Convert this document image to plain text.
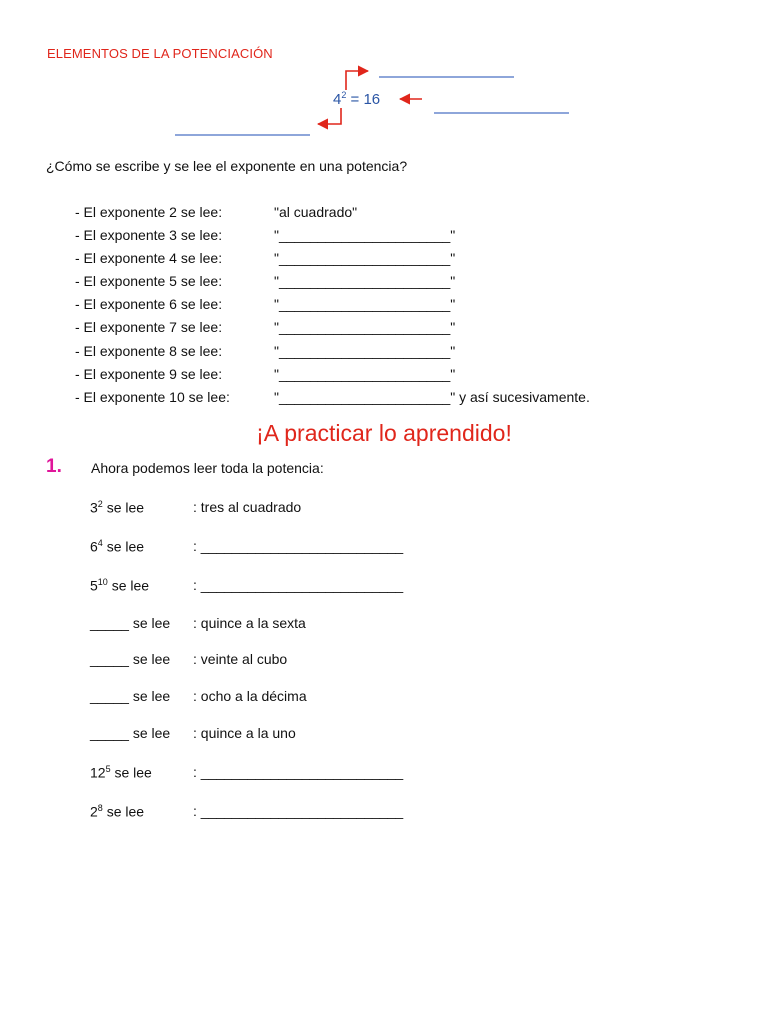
ELEMENTOS DE LA POTENCIACIÓN
$4^2 = 16$
¿Cómo se escribe y se lee el exponente en una potencia?
- El exponente 2 se lee:	"al cuadrado"
- El exponente 3 se lee:	"______________________"
- El exponente 4 se lee:	"______________________"
- El exponente 5 se lee:	"______________________"
- El exponente 6 se lee:	"______________________"
- El exponente 7 se lee:	"______________________"
- El exponente 8 se lee:	"______________________"
- El exponente 9 se lee:	"______________________"
- El exponente 10 se lee:	"______________________" y así sucesivamente.
¡A practicar lo aprendido!
1. Ahora podemos leer toda la potencia:
$3^2$ se lee	: tres al cuadrado
$6^4$ se lee	: __________________________
$5^{10}$ se lee	: __________________________
_____ se lee : quince a la sexta
_____ se lee : veinte al cubo
_____ se lee : ocho a la décima
_____ se lee : quince a la uno
$12^5$ se lee	: __________________________
$2^8$ se lee	: __________________________
